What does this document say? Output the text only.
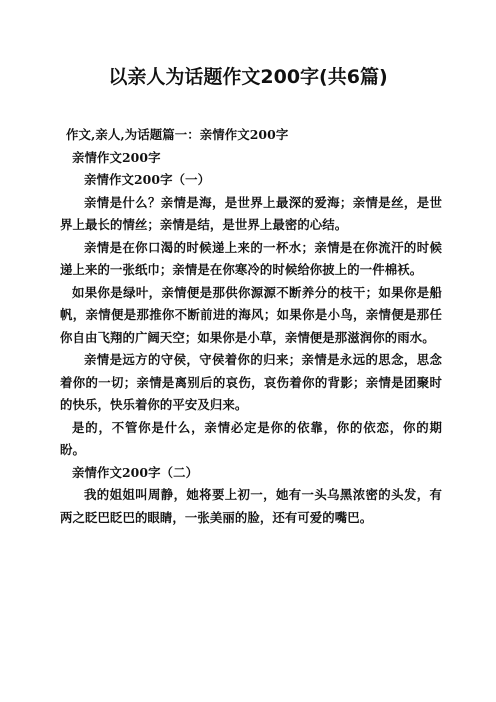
以亲人为话题作文200字(共6篇)

作文,亲人,为话题篇一：亲情作文200字

亲情作文200字

亲情作文200字（一）

亲情是什么？亲情是海，是世界上最深的爱海；亲情是丝，是世界上最长的情丝；亲情是结，是世界上最密的心结。

亲情是在你口渴的时候递上来的一杯水；亲情是在你流汗的时候递上来的一张纸巾；亲情是在你寒冷的时候给你披上的一件棉袄。

如果你是绿叶，亲情便是那供你源源不断养分的枝干；如果你是船帆，亲情便是那推你不断前进的海风；如果你是小鸟，亲情便是那任你自由飞翔的广阔天空；如果你是小草，亲情便是那滋润你的雨水。

亲情是远方的守侯，守侯着你的归来；亲情是永远的思念，思念着你的一切；亲情是离别后的哀伤，哀伤着你的背影；亲情是团聚时的快乐，快乐着你的平安及归来。

是的，不管你是什么，亲情必定是你的依靠，你的依恋，你的期盼。

亲情作文200字（二）

我的姐姐叫周静，她将要上初一，她有一头乌黑浓密的头发，有两之眨巴眨巴的眼睛，一张美丽的脸，还有可爱的嘴巴。
